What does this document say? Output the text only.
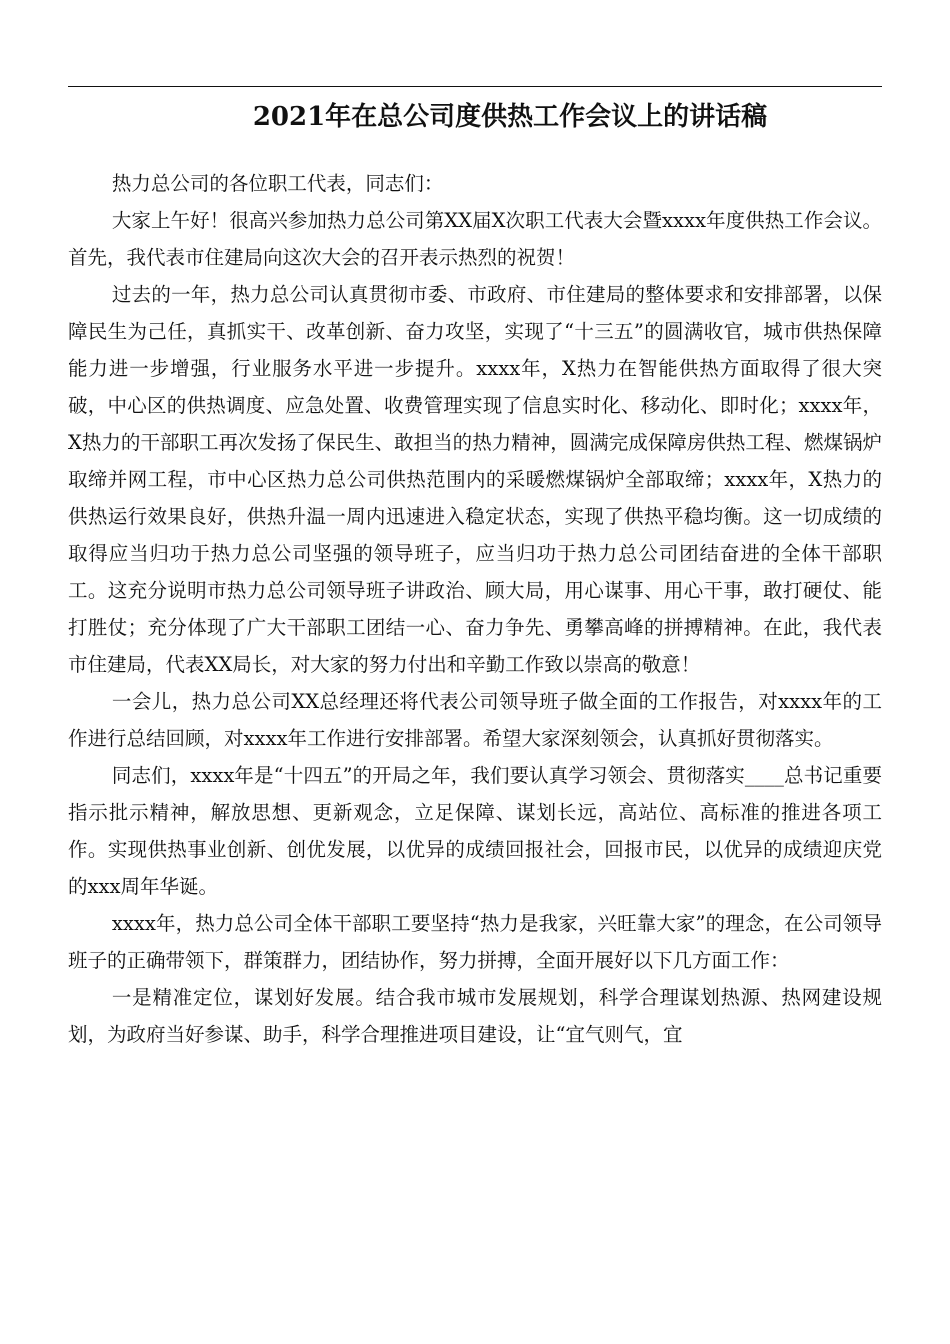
2021年在总公司度供热工作会议上的讲话稿

热力总公司的各位职工代表，同志们：

大家上午好！很高兴参加热力总公司第XX届X次职工代表大会暨xxxx年度供热工作会议。首先，我代表市住建局向这次大会的召开表示热烈的祝贺！

过去的一年，热力总公司认真贯彻市委、市政府、市住建局的整体要求和安排部署，以保障民生为己任，真抓实干、改革创新、奋力攻坚，实现了“十三五”的圆满收官，城市供热保障能力进一步增强，行业服务水平进一步提升。xxxx年，X热力在智能供热方面取得了很大突破，中心区的供热调度、应急处置、收费管理实现了信息实时化、移动化、即时化；xxxx年，X热力的干部职工再次发扬了保民生、敢担当的热力精神，圆满完成保障房供热工程、燃煤锅炉取缔并网工程，市中心区热力总公司供热范围内的采暖燃煤锅炉全部取缔；xxxx年，X热力的供热运行效果良好，供热升温一周内迅速进入稳定状态，实现了供热平稳均衡。这一切成绩的取得应当归功于热力总公司坚强的领导班子，应当归功于热力总公司团结奋进的全体干部职工。这充分说明市热力总公司领导班子讲政治、顾大局，用心谋事、用心干事，敢打硬仗、能打胜仗；充分体现了广大干部职工团结一心、奋力争先、勇攀高峰的拼搏精神。在此，我代表市住建局，代表XX局长，对大家的努力付出和辛勤工作致以崇高的敬意！

一会儿，热力总公司XX总经理还将代表公司领导班子做全面的工作报告，对xxxx年的工作进行总结回顾，对xxxx年工作进行安排部署。希望大家深刻领会，认真抓好贯彻落实。

同志们，xxxx年是“十四五”的开局之年，我们要认真学习领会、贯彻落实____总书记重要指示批示精神，解放思想、更新观念，立足保障、谋划长远，高站位、高标准的推进各项工作。实现供热事业创新、创优发展，以优异的成绩回报社会，回报市民，以优异的成绩迎庆党的xxx周年华诞。

xxxx年，热力总公司全体干部职工要坚持“热力是我家，兴旺靠大家”的理念，在公司领导班子的正确带领下，群策群力，团结协作，努力拼搏，全面开展好以下几方面工作：

一是精准定位，谋划好发展。结合我市城市发展规划，科学合理谋划热源、热网建设规划，为政府当好参谋、助手，科学合理推进项目建设，让“宜气则气，宜
